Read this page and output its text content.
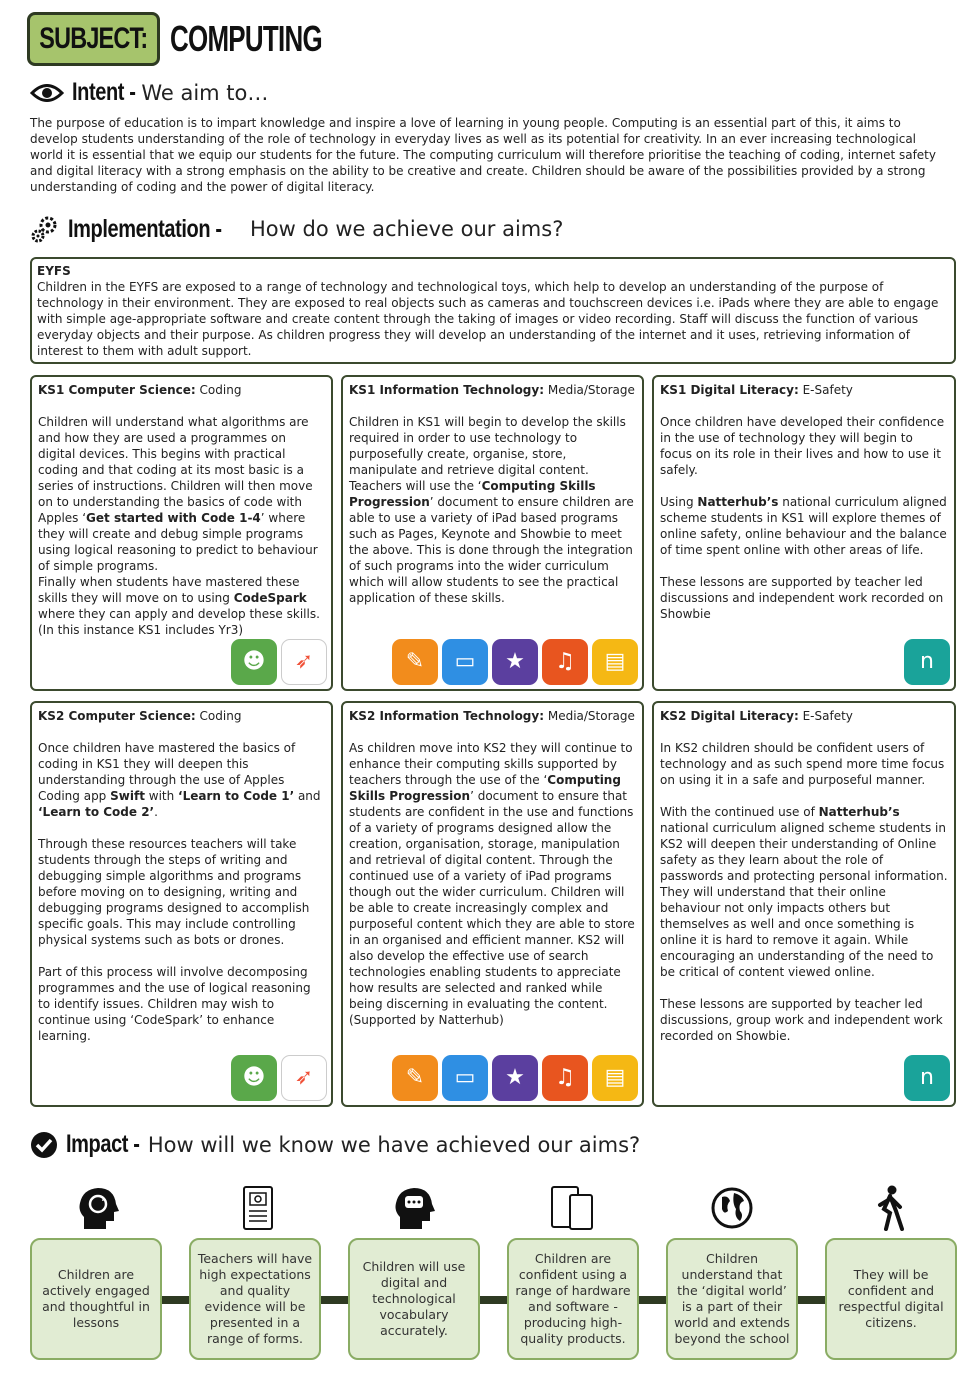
SUBJECT: COMPUTING
Intent - We aim to…
The purpose of education is to impart knowledge and inspire a love of learning in young people. Computing is an essential part of this, it aims to develop students understanding of the role of technology in everyday lives as well as its potential for creativity. In an ever increasing technological world it is essential that we equip our students for the future. The computing curriculum will therefore prioritise the teaching of coding, internet safety and digital literacy with a strong emphasis on the ability to be creative and create. Children should be aware of the possibilities provided by a strong understanding of coding and the power of digital literacy.
Implementation - How do we achieve our aims?
EYFS
Children in the EYFS are exposed to a range of technology and technological toys, which help to develop an understanding of the purpose of technology in their environment. They are exposed to real objects such as cameras and touchscreen devices i.e. iPads where they are able to engage with simple age-appropriate software and create content through the taking of images or video recording. Staff will discuss the function of various everyday objects and their purpose. As children progress they will develop an understanding of the internet and it uses, retrieving information of interest to them with adult support.

KS1 Computer Science: Coding

Children will understand what algorithms are and how they are used a programmes on digital devices. This begins with practical coding and that coding at its most basic is a series of instructions. Children will then move on to understanding the basics of code with Apples ‘Get started with Code 1-4’ where they will create and debug simple programs using logical reasoning to predict to behaviour of simple programs.

Finally when students have mastered these skills they will move on to using CodeSpark where they can apply and develop these skills. (In this instance KS1 includes Yr3)

☻	➶

KS1 Information Technology: Media/Storage

Children in KS1 will begin to develop the skills required in order to use technology to purposefully create, organise, store, manipulate and retrieve digital content. Teachers will use the ‘Computing Skills Progression’ document to ensure children are able to use a variety of iPad based programs such as Pages, Keynote and Showbie to meet the above. This is done through the integration of such programs into the wider curriculum which will allow students to see the practical application of these skills.

✎	▭	★	♫	▤

KS1 Digital Literacy: E-Safety

Once children have developed their confidence in the use of technology they will begin to focus on its role in their lives and how to use it safely.

Using Natterhub’s national curriculum aligned scheme students in KS1 will explore themes of online safety, online behaviour and the balance of time spent online with other areas of life.

These lessons are supported by teacher led discussions and independent work recorded on Showbie

n

KS2 Computer Science: Coding

Once children have mastered the basics of coding in KS1 they will deepen this understanding through the use of Apples Coding app Swift with ‘Learn to Code 1’ and ‘Learn to Code 2’.

Through these resources teachers will take students through the steps of writing and debugging simple algorithms and programs before moving on to designing, writing and debugging programs designed to accomplish specific goals. This may include controlling physical systems such as bots or drones.

Part of this process will involve decomposing programmes and the use of logical reasoning to identify issues. Children may wish to continue using ‘CodeSpark’ to enhance learning.

☻	➶

KS2 Information Technology: Media/Storage

As children move into KS2 they will continue to enhance their computing skills supported by teachers through the use of the ‘Computing Skills Progression’ document to ensure that students are confident in the use and functions of a variety of programs designed allow the creation, organisation, storage, manipulation and retrieval of digital content. Through the continued use of a variety of iPad programs though out the wider curriculum. Children will be able to create increasingly complex and purposeful content which they are able to store in an organised and efficient manner. KS2 will also develop the effective use of search technologies enabling students to appreciate how results are selected and ranked while being discerning in evaluating the content. (Supported by Natterhub)

✎	▭	★	♫	▤

KS2 Digital Literacy: E-Safety

In KS2 children should be confident users of technology and as such spend more time focus on using it in a safe and purposeful manner.

With the continued use of Natterhub’s national curriculum aligned scheme students in KS2 will deepen their understanding of Online safety as they learn about the role of passwords and protecting personal information. They will understand that their online behaviour not only impacts others but themselves as well and once something is online it is hard to remove it again. While encouraging an understanding of the need to be critical of content viewed online.

These lessons are supported by teacher led discussions, group work and independent work recorded on Showbie.

n
Impact - How will we know we have achieved our aims?
Children are actively engaged and thoughtful in lessons
Teachers will have high expectations and quality evidence will be presented in a range of forms.
Children will use digital and technological vocabulary accurately.
Children are confident using a range of hardware and software - producing high-quality products.
Children understand that the ‘digital world’ is a part of their world and extends beyond the school
They will be confident and respectful digital citizens.
